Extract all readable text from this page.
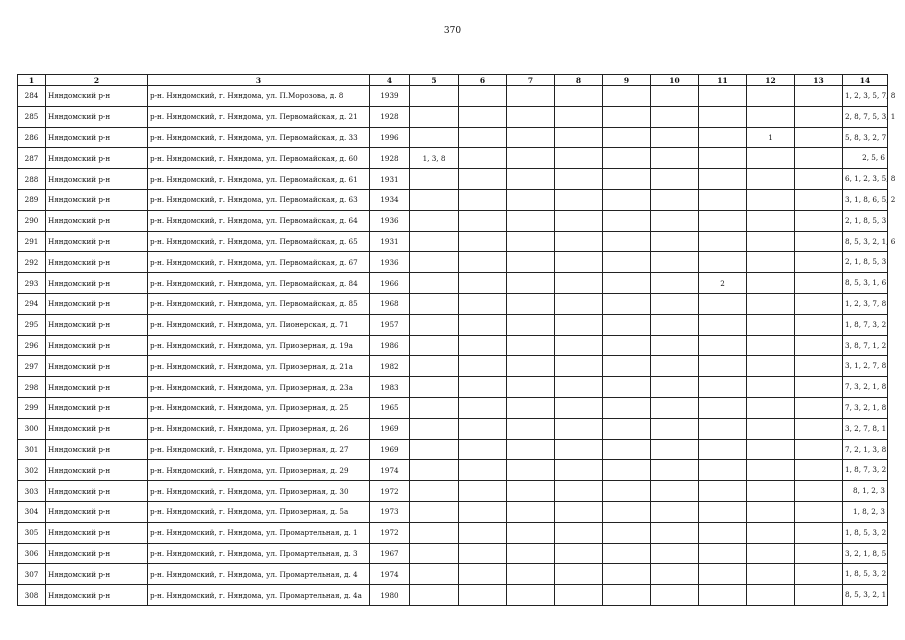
370
1	2	3	4	5	6	7	8	9	10	11	12	13	14
284	Няндомский р-н	р-н. Няндомский, г. Няндома, ул. П.Морозова, д. 8	1939										1, 2, 3, 5, 7, 8
285	Няндомский р-н	р-н. Няндомский, г. Няндома, ул. Первомайская, д. 21	1928										2, 8, 7, 5, 3, 1
286	Няндомский р-н	р-н. Няндомский, г. Няндома, ул. Первомайская, д. 33	1996								1		5, 8, 3, 2, 7
287	Няндомский р-н	р-н. Няндомский, г. Няндома, ул. Первомайская, д. 60	1928	1, 3, 8									2, 5, 6
288	Няндомский р-н	р-н. Няндомский, г. Няндома, ул. Первомайская, д. 61	1931										6, 1, 2, 3, 5, 8
289	Няндомский р-н	р-н. Няндомский, г. Няндома, ул. Первомайская, д. 63	1934										3, 1, 8, 6, 5, 2
290	Няндомский р-н	р-н. Няндомский, г. Няндома, ул. Первомайская, д. 64	1936										2, 1, 8, 5, 3
291	Няндомский р-н	р-н. Няндомский, г. Няндома, ул. Первомайская, д. 65	1931										8, 5, 3, 2, 1, 6
292	Няндомский р-н	р-н. Няндомский, г. Няндома, ул. Первомайская, д. 67	1936										2, 1, 8, 5, 3
293	Няндомский р-н	р-н. Няндомский, г. Няндома, ул. Первомайская, д. 84	1966							2			8, 5, 3, 1, 6
294	Няндомский р-н	р-н. Няндомский, г. Няндома, ул. Первомайская, д. 85	1968										1, 2, 3, 7, 8
295	Няндомский р-н	р-н. Няндомский, г. Няндома, ул. Пионерская, д. 71	1957										1, 8, 7, 3, 2
296	Няндомский р-н	р-н. Няндомский, г. Няндома, ул. Приозерная, д. 19а	1986										3, 8, 7, 1, 2
297	Няндомский р-н	р-н. Няндомский, г. Няндома, ул. Приозерная, д. 21а	1982										3, 1, 2, 7, 8
298	Няндомский р-н	р-н. Няндомский, г. Няндома, ул. Приозерная, д. 23а	1983										7, 3, 2, 1, 8
299	Няндомский р-н	р-н. Няндомский, г. Няндома, ул. Приозерная, д. 25	1965										7, 3, 2, 1, 8
300	Няндомский р-н	р-н. Няндомский, г. Няндома, ул. Приозерная, д. 26	1969										3, 2, 7, 8, 1
301	Няндомский р-н	р-н. Няндомский, г. Няндома, ул. Приозерная, д. 27	1969										7, 2, 1, 3, 8
302	Няндомский р-н	р-н. Няндомский, г. Няндома, ул. Приозерная, д. 29	1974										1, 8, 7, 3, 2
303	Няндомский р-н	р-н. Няндомский, г. Няндома, ул. Приозерная, д. 30	1972										8, 1, 2, 3
304	Няндомский р-н	р-н. Няндомский, г. Няндома, ул. Приозерная, д. 5а	1973										1, 8, 2, 3
305	Няндомский р-н	р-н. Няндомский, г. Няндома, ул. Промартельная, д. 1	1972										1, 8, 5, 3, 2
306	Няндомский р-н	р-н. Няндомский, г. Няндома, ул. Промартельная, д. 3	1967										3, 2, 1, 8, 5
307	Няндомский р-н	р-н. Няндомский, г. Няндома, ул. Промартельная, д. 4	1974										1, 8, 5, 3, 2
308	Няндомский р-н	р-н. Няндомский, г. Няндома, ул. Промартельная, д. 4а	1980										8, 5, 3, 2, 1
